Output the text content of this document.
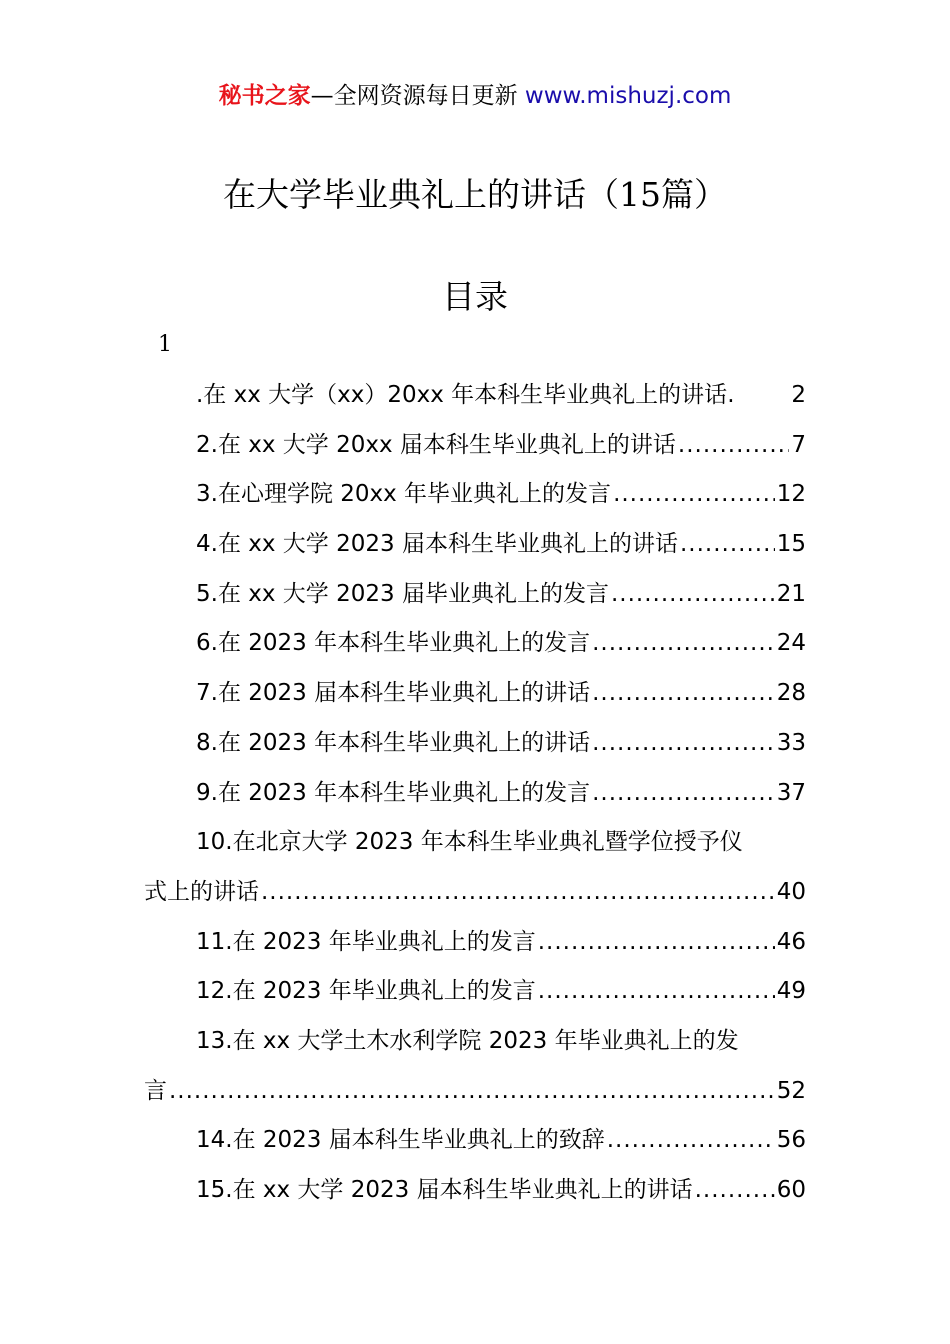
秘书之家—全网资源每日更新 www.mishuzj.com
在大学毕业典礼上的讲话（15篇）
目录
1
.在 xx 大学（xx）20xx 年本科生毕业典礼上的讲话 . 2
2.在 xx 大学 20xx 届本科生毕业典礼上的讲话 .....	7
3.在心理学院 20xx 年毕业典礼上的发言 .....	12
4.在 xx 大学 2023 届本科生毕业典礼上的讲话 .....	15
5.在 xx 大学 2023 届毕业典礼上的发言 .....	21
6.在 2023 年本科生毕业典礼上的发言 .....	24
7.在 2023 届本科生毕业典礼上的讲话 .....	28
8.在 2023 年本科生毕业典礼上的讲话 .....	33
9.在 2023 年本科生毕业典礼上的发言 .....	37
10.在北京大学 2023 年本科生毕业典礼暨学位授予仪
式上的讲话 .....	40
11.在 2023 年毕业典礼上的发言 .....	46
12.在 2023 年毕业典礼上的发言 .....	49
13.在 xx 大学土木水利学院 2023 年毕业典礼上的发
言 .....	52
14.在 2023 届本科生毕业典礼上的致辞 .....	56
15.在 xx 大学 2023 届本科生毕业典礼上的讲话 .....	60
